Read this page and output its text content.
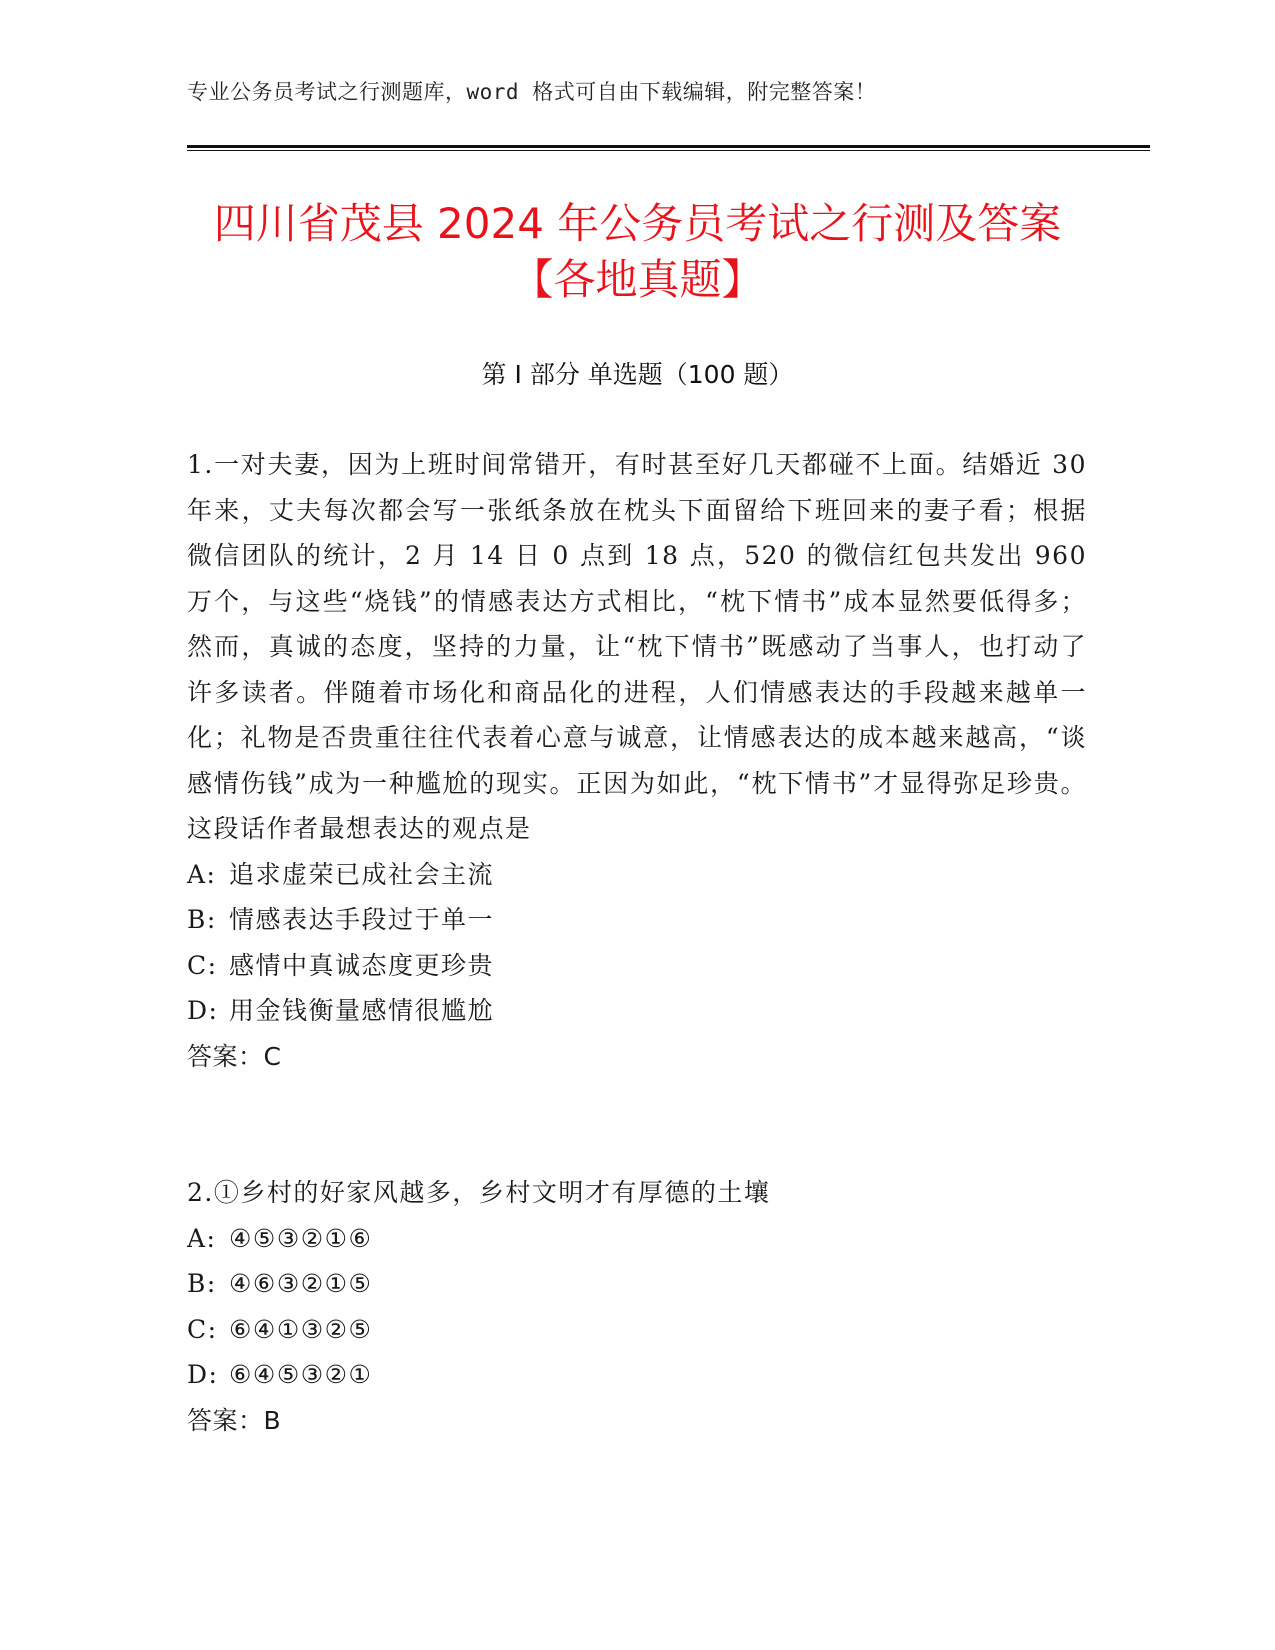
专业公务员考试之行测题库，word 格式可自由下载编辑，附完整答案！
四川省茂县 2024 年公务员考试之行测及答案
【各地真题】
第 I 部分 单选题（100 题）

1.一对夫妻，因为上班时间常错开，有时甚至好几天都碰不上面。结婚近 30 年来，丈夫每次都会写一张纸条放在枕头下面留给下班回来的妻子看；根据微信团队的统计，2 月 14 日 0 点到 18 点，520 的微信红包共发出 960 万个，与这些“烧钱”的情感表达方式相比，“枕下情书”成本显然要低得多；然而，真诚的态度，坚持的力量，让“枕下情书”既感动了当事人，也打动了许多读者。伴随着市场化和商品化的进程，人们情感表达的手段越来越单一化；礼物是否贵重往往代表着心意与诚意，让情感表达的成本越来越高，“谈感情伤钱”成为一种尴尬的现实。正因为如此，“枕下情书”才显得弥足珍贵。这段话作者最想表达的观点是

A: 追求虚荣已成社会主流

B: 情感表达手段过于单一

C: 感情中真诚态度更珍贵

D: 用金钱衡量感情很尴尬

答案：C

2.①乡村的好家风越多，乡村文明才有厚德的土壤

A: ④⑤③②①⑥

B: ④⑥③②①⑤

C: ⑥④①③②⑤

D: ⑥④⑤③②①

答案：B
